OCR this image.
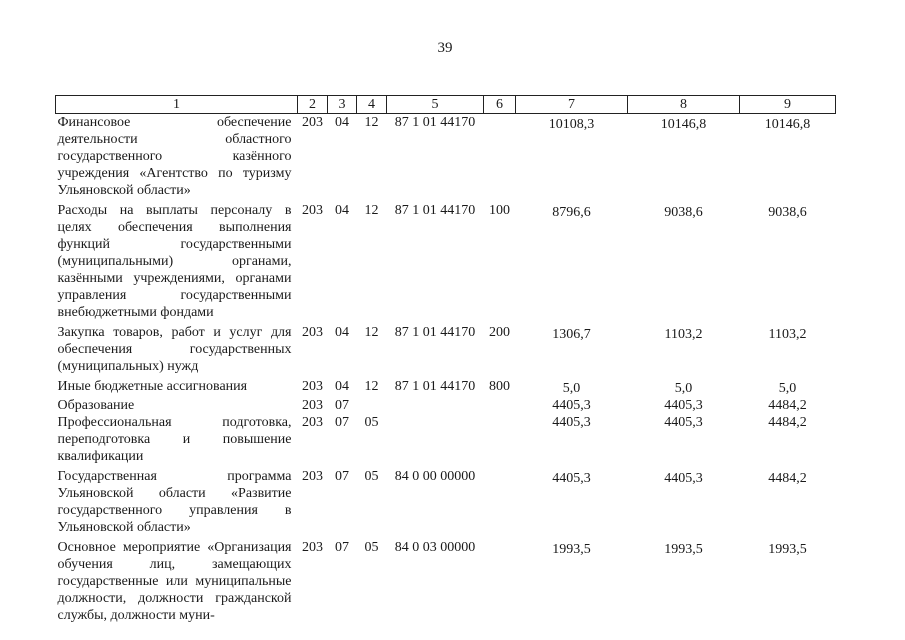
39
1	2	3	4	5	6	7	8	9
Финансовое обеспечение деятельности областного государственного казённого учреждения «Агентство по туризму Ульяновской области»	203	04	12	87 1 01 44170		10108,3	10146,8	10146,8
Расходы на выплаты персоналу в целях обеспечения выполнения функций государственными (муниципальными) органами, казёнными учреждениями, органами управления государственными внебюджетными фондами	203	04	12	87 1 01 44170	100	8796,6	9038,6	9038,6
Закупка товаров, работ и услуг для обеспечения государственных (муниципальных) нужд	203	04	12	87 1 01 44170	200	1306,7	1103,2	1103,2
Иные бюджетные ассигнования	203	04	12	87 1 01 44170	800	5,0	5,0	5,0
Образование	203	07				4405,3	4405,3	4484,2
Профессиональная подготовка, переподготовка и повышение квалификации	203	07	05			4405,3	4405,3	4484,2
Государственная программа Ульяновской области «Развитие государственного управления в Ульяновской области»	203	07	05	84 0 00 00000		4405,3	4405,3	4484,2
Основное мероприятие «Организация обучения лиц, замещающих государственные или муниципальные должности, должности гражданской службы, должности муни-	203	07	05	84 0 03 00000		1993,5	1993,5	1993,5
